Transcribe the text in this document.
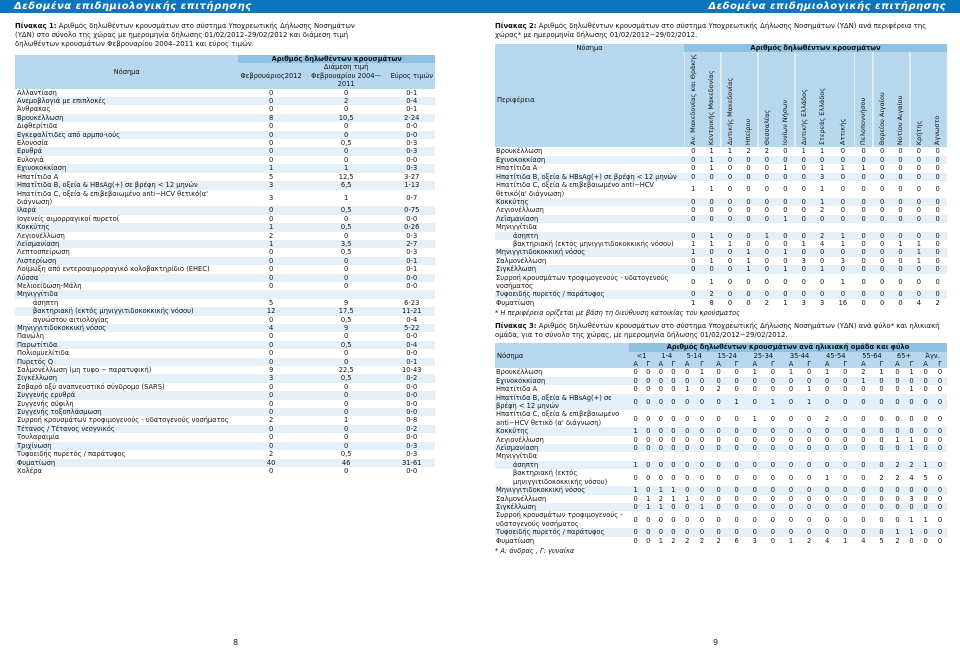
Δεδομένα επιδημιολογικής επιτήρησης	Δεδομένα επιδημιολογικής επιτήρησης
Πίνακας 1: Αριθμός δηλωθέντων κρουσμάτων στο σύστημα Υποχρεωτικής Δήλωσης Νοσημάτων (ΥΔΝ) στο σύνολο της χώρας με ημερομηνία δήλωσης 01/02/2012–29/02/2012 και διάμεση τιμή δηλωθέντων κρουσμάτων Φεβρουαρίου 2004–2011 και εύρος τιμών.
Νόσημα	Αριθμός δηλωθέντων κρουσμάτων		
	Φεβρουάριος2012	Διάμεση τιμή Φεβρουαρίου 2004—2011	Εύρος τιμών
Αλλαντίαση	0	0	0-1
Ανεμοβλογιά με επιπλοκές	0	2	0-4
Άνθρακας	0	0	0-1
Βρουκέλλωση	8	10,5	2-24
Διφθερίτιδα	0	0	0-0
Εγκεφαλίτιδες από αρμπο-ιούς	0	0	0-0
Ελονοσία	0	0,5	0-3
Ερυθρά	0	0	0-3
Ευλογιά	0	0	0-0
Εχινοκοκκίαση	1	1	0-3
Ηπατίτιδα Α	5	12,5	3-27
Ηπατίτιδα Β, οξεία & HBsAg(+) σε βρέφη < 12 μηνών	3	6,5	1-13
Ηπατίτιδα C, οξεία & επιβεβαιωμένο anti−HCV θετικό(α' διάγνωση)	3	1	0-7
Ιλαρά	0	0,5	0-75
Ιογενείς αιμορραγικοί πυρετοί	0	0	0-0
Κοκκύτης	1	0,5	0-26
Λεγιονέλλωση	2	0	0-3
Λεϊσμανίαση	1	3,5	2-7
Λεπτοσπείρωση	0	0,5	0-3
Λιστερίωση	0	0	0-1
Λοίμωξη από εντεροαιμορραγικό κολοβακτηρίδιο (EHEC)	0	0	0-1
Λύσσα	0	0	0-0
Μελιοείδωση-Μάλη	0	0	0-0
Μηνιγγίτιδα			
άσηπτη	5	9	6-23
βακτηριακή (εκτός μηνιγγιτιδοκοκκικής νόσου)	12	17,5	11-21
αγνώστου αιτιολογίας	0	0,5	0-4
Μηνιγγιτιδοκοκκική νόσος	4	9	5-22
Πανώλη	0	0	0-0
Παρωτίτιδα	0	0,5	0-4
Πολιομυελίτιδα	0	0	0-0
Πυρετός Q	0	0	0-1
Σαλμονέλλωση (μη τυφο − παρατυφική)	9	22,5	10-43
Σιγκέλλωση	3	0,5	0-2
Σοβαρό οξύ αναπνευστικό σύνδρομο (SARS)	0	0	0-0
Συγγενής ερυθρά	0	0	0-0
Συγγενής σύφιλη	0	0	0-0
Συγγενής τοξοπλάσμωση	0	0	0-0
Συρροή κρουσμάτων τροφιμογενούς - υδατογενούς νοσήματος	2	1	0-8
Τέτανος / Τέτανος νεογνικός	0	0	0-2
Τουλαραιμία	0	0	0-0
Τριχίνωση	0	0	0-3
Τυφοειδής πυρετός / παράτυφος	2	0,5	0-3
Φυματίωση	40	46	31-61
Χολέρα	0	0	0-0
8
Πίνακας 2: Αριθμός δηλωθέντων κρουσμάτων στο σύστημα Υποχρεωτικής Δήλωσης Νοσημάτων (ΥΔΝ) ανά περιφέρεια της χώρας* με ημερομηνία δήλωσης 01/02/2012−29/02/2012.
Νόσημα	Αριθμός δηλωθέντων κρουσμάτων													
Περιφέρεια	Αν. Μακεδονίας και Θράκης	Κεντρικής Μακεδονίας	Δυτικής Μακεδονίας	Ηπείρου	Θεσσαλίας	Ιονίων Νήσων	Δυτικής Ελλάδος	Στερεάς Ελλάδος	Αττικής	Πελοποννήσου	Βορείου Αιγαίου	Νοτίου Αιγαίου	Κρήτης	Άγνωστο
Βρουκέλλωση	0	1	1	2	2	0	1	1	0	0	0	0	0	0
Εχινοκοκκίαση	0	1	0	0	0	0	0	0	0	0	0	0	0	0
Ηπατίτιδα Α	0	1	0	0	0	1	0	1	1	1	0	0	0	0
Ηπατίτιδα Β, οξεία & HBsAg(+) σε βρέφη < 12 μηνών	0	0	0	0	0	0	0	3	0	0	0	0	0	0
Ηπατίτιδα C, οξεία & επιβεβαιωμένο anti−HCV θετικό(α' διάγνωση)	1	1	0	0	0	0	0	1	0	0	0	0	0	0
Κοκκύτης	0	0	0	0	0	0	0	1	0	0	0	0	0	0
Λεγιονέλλωση	0	0	0	0	0	0	0	2	0	0	0	0	0	0
Λεϊσμανίαση	0	0	0	0	0	1	0	0	0	0	0	0	0	0
Μηνιγγίτιδα														
άσηπτη	0	1	0	0	1	0	0	2	1	0	0	0	0	0
βακτηριακή (εκτός μηνιγγιτιδοκοκκικής νόσου)	1	1	1	0	0	0	1	4	1	0	0	1	1	0
Μηνιγγιτιδοκοκκική νόσος	1	0	0	1	0	1	0	0	0	0	0	0	1	0
Σαλμονέλλωση	0	1	0	1	0	0	3	0	3	0	0	0	1	0
Σιγκέλλωση	0	0	0	1	0	1	0	1	0	0	0	0	0	0
Συρροή κρουσμάτων τροφιμογενούς - υδατογενούς νοσήματος	0	1	0	0	0	0	0	0	1	0	0	0	0	0
Τυφοειδής πυρετός / παράτυφος	0	2	0	0	0	0	0	0	0	0	0	0	0	0
Φυματίωση	1	8	0	0	2	1	3	3	16	0	0	0	4	2
* Η περιφέρεια ορίζεται με βάση τη διεύθυνση κατοικίας του κρούσματος
Πίνακας 3: Αριθμός δηλωθέντων κρουσμάτων στο σύστημα Υποχρεωτικής Δήλωσης Νοσημάτων (ΥΔΝ) ανά φύλο* και ηλικιακή ομάδα, για το σύνολο της χώρας, με ημερομηνία δήλωσης 01/02/2012−29/02/2012.
Νόσημα	Αριθμός δηλωθέντων κρουσμάτων ανά ηλικιακή ομάδα και φύλο																			
	<1		1-4		5-14		15-24		25-34		35-44		45-54		55-64		65+		Άγν.	
	Α	Γ	Α	Γ	Α	Γ	Α	Γ	Α	Γ	Α	Γ	Α	Γ	Α	Γ	Α	Γ	Α	Γ
Βρουκέλλωση	0	0	0	0	0	1	0	0	1	0	1	0	1	0	2	1	0	1	0	0
Εχινοκοκκίαση	0	0	0	0	0	0	0	0	0	0	0	0	0	0	1	0	0	0	0	0
Ηπατίτιδα Α	0	0	0	0	1	0	2	0	0	0	0	1	0	0	0	0	0	1	0	0
Ηπατίτιδα Β, οξεία & HBsAg(+) σε βρέφη < 12 μηνών	0	0	0	0	0	0	0	1	0	1	0	1	0	0	0	0	0	0	0	0
Ηπατίτιδα C, οξεία & επιβεβαιωμένο anti−HCV θετικό (α' διάγνωση)	0	0	0	0	0	0	0	0	1	0	0	0	2	0	0	0	0	0	0	0
Κοκκύτης	1	0	0	0	0	0	0	0	0	0	0	0	0	0	0	0	0	0	0	0
Λεγιονέλλωση	0	0	0	0	0	0	0	0	0	0	0	0	0	0	0	0	1	1	0	0
Λεϊσμανίαση	0	0	0	0	0	0	0	0	0	0	0	0	0	0	0	0	0	1	0	0
Μηνιγγίτιδα																				
άσηπτη	1	0	0	0	0	0	0	0	0	0	0	0	0	0	0	0	2	2	1	0
βακτηριακή (εκτός μηνιγγιτιδοκοκκικής νόσου)	0	0	0	0	0	0	0	0	0	0	0	0	1	0	0	2	2	4	5	0
Μηνιγγιτιδοκοκκική νόσος	1	0	1	1	0	0	0	0	0	0	0	0	0	0	0	0	0	0	0	0
Σαλμονέλλωση	0	1	2	1	1	0	0	0	0	0	0	0	0	0	0	0	0	3	0	0
Σιγκέλλωση	0	1	1	0	0	1	0	0	0	0	0	0	0	0	0	0	0	0	0	0
Συρροή κρουσμάτων τροφιμογενούς - υδατογενούς νοσήματος	0	0	0	0	0	0	0	0	0	0	0	0	0	0	0	0	0	1	1	0
Τυφοειδής πυρετός / παράτυφος	0	0	0	0	0	0	0	0	0	0	0	0	0	0	0	0	1	1	0	0
Φυματίωση	0	0	1	2	2	2	2	6	3	0	1	2	4	1	4	5	2	0	0	0
* Α: άνδρας , Γ: γυναίκα
9
